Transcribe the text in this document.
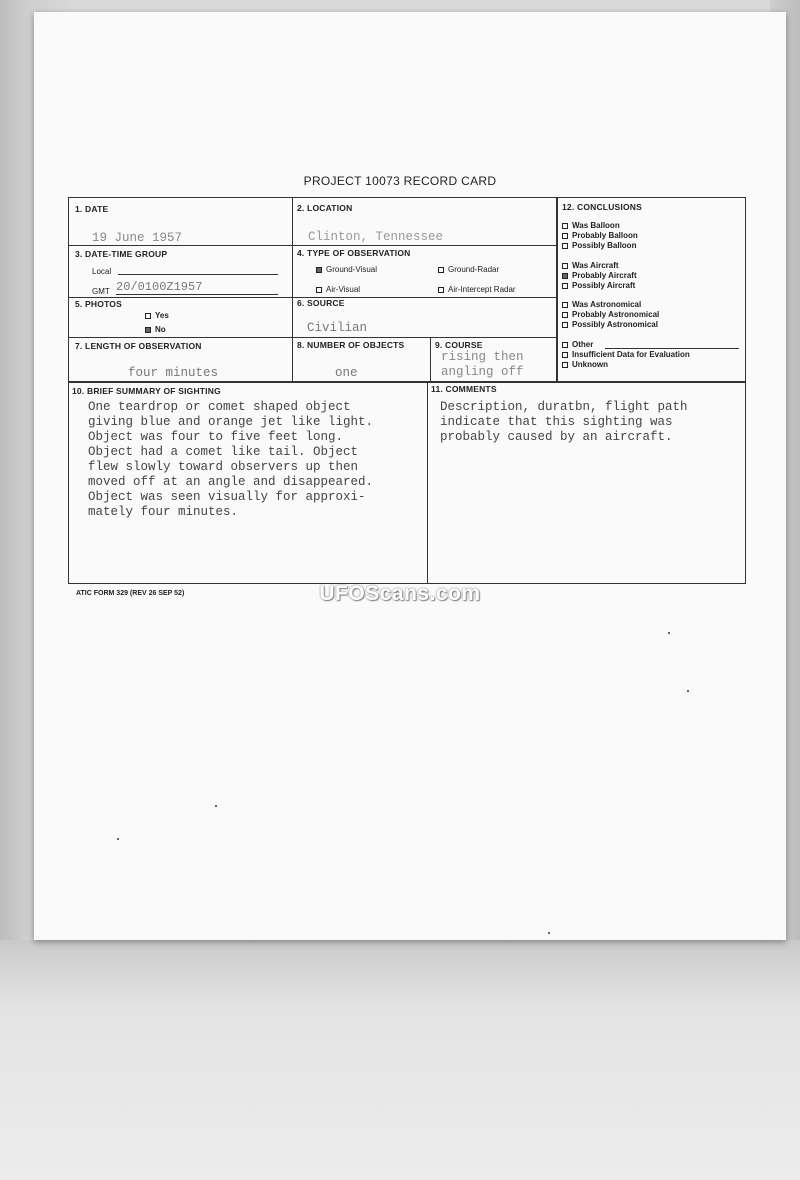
PROJECT 10073 RECORD CARD
1. DATE
19 June 1957
2. LOCATION
Clinton, Tennessee
3. DATE-TIME GROUP
Local
GMT 20/0100Z1957
4. TYPE OF OBSERVATION
Ground-Visual	Ground-Radar
Air-Visual	Air-Intercept Radar
5. PHOTOS
Yes
No
6. SOURCE
Civilian
7. LENGTH OF OBSERVATION
four minutes
8. NUMBER OF OBJECTS
one
9. COURSE
rising then
angling off
12. CONCLUSIONS
Was Balloon
Probably Balloon
Possibly Balloon
Was Aircraft
Probably Aircraft
Possibly Aircraft
Was Astronomical
Probably Astronomical
Possibly Astronomical
Other
Insufficient Data for Evaluation
Unknown
10. BRIEF SUMMARY OF SIGHTING
One teardrop or comet shaped object
giving blue and orange jet like light.
Object was four to five feet long.
Object had a comet like tail. Object
flew slowly toward observers up then
moved off at an angle and disappeared.
Object was seen visually for approxi-
mately four minutes.
11. COMMENTS
Description, duratbn, flight path
indicate that this sighting was
probably caused by an aircraft.
ATIC FORM 329 (REV 26 SEP 52)	UFOScans.com
